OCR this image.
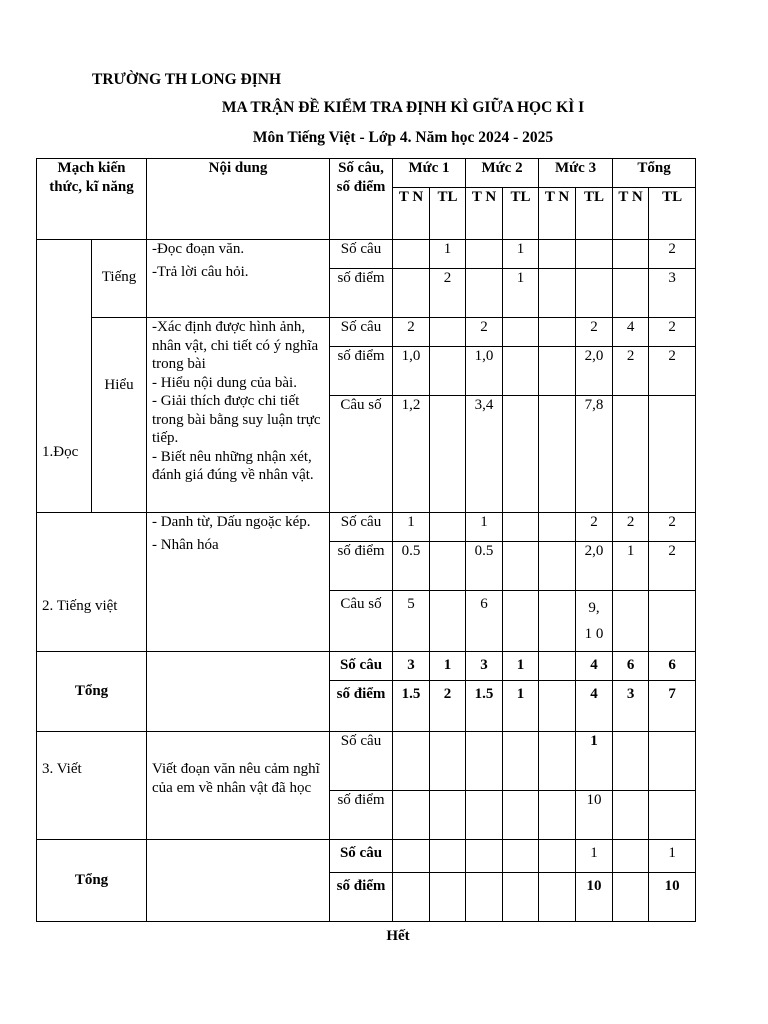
TRƯỜNG TH LONG ĐỊNH
MA TRẬN ĐỀ KIỂM TRA ĐỊNH KÌ GIỮA HỌC KÌ I
Môn Tiếng Việt - Lớp 4. Năm học 2024 - 2025
Mạch kiến thức, kĩ năng		Nội dung	Số câu, số điểm	Mức 1		Mức 2		Mức 3		Tổng	
				T N	TL	T N	TL	T N	TL	T N	TL
1.Đọc	Tiếng	-Đọc đoạn văn.
-Trả lời câu hỏi.	Số câu		1		1				2
			số điểm		2		1				3
	Hiểu	-Xác định được hình ảnh, nhân vật, chi tiết có ý nghĩa trong bài
- Hiểu nội dung của bài.
- Giải thích được chi tiết trong bài bằng suy luận trực tiếp.
- Biết nêu những nhận xét, đánh giá đúng về nhân vật.	Số câu	2		2			2	4	2
			số điểm	1,0		1,0			2,0	2	2
			Câu số	1,2		3,4			7,8		
2. Tiếng việt		- Danh từ, Dấu ngoặc kép.
- Nhân hóa	Số câu	1		1			2	2	2
			số điểm	0.5		0.5			2,0	1	2
			Câu số	5		6			9,
1 0		
Tổng			Số câu	3	1	3	1		4	6	6
			số điểm	1.5	2	1.5	1		4	3	7
3. Viết		Viết đoạn văn nêu cảm nghĩ của em về nhân vật đã học	Số câu						1		
			số điểm						10		
Tổng			Số câu						1		1
			số điểm						10		10
Hết
